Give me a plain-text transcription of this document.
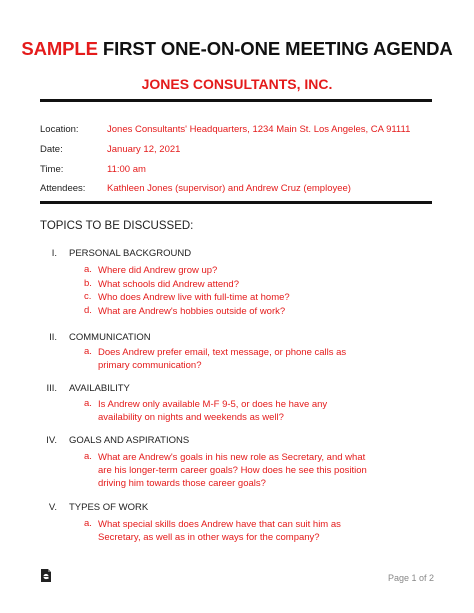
SAMPLE FIRST ONE-ON-ONE MEETING AGENDA
JONES CONSULTANTS, INC.
Location:	Jones Consultants' Headquarters, 1234 Main St. Los Angeles, CA 91111
Date:	January 12, 2021
Time:	11:00 am
Attendees: Kathleen Jones (supervisor) and Andrew Cruz (employee)
TOPICS TO BE DISCUSSED:
I. PERSONAL BACKGROUND
a. Where did Andrew grow up?
b. What schools did Andrew attend?
c. Who does Andrew live with full-time at home?
d. What are Andrew's hobbies outside of work?
II. COMMUNICATION
a. Does Andrew prefer email, text message, or phone calls as primary communication?
III. AVAILABILITY
a. Is Andrew only available M-F 9-5, or does he have any availability on nights and weekends as well?
IV. GOALS AND ASPIRATIONS
a. What are Andrew's goals in his new role as Secretary, and what are his longer-term career goals? How does he see this position driving him towards those career goals?
V. TYPES OF WORK
a. What special skills does Andrew have that can suit him as Secretary, as well as in other ways for the company?
Page 1 of 2
